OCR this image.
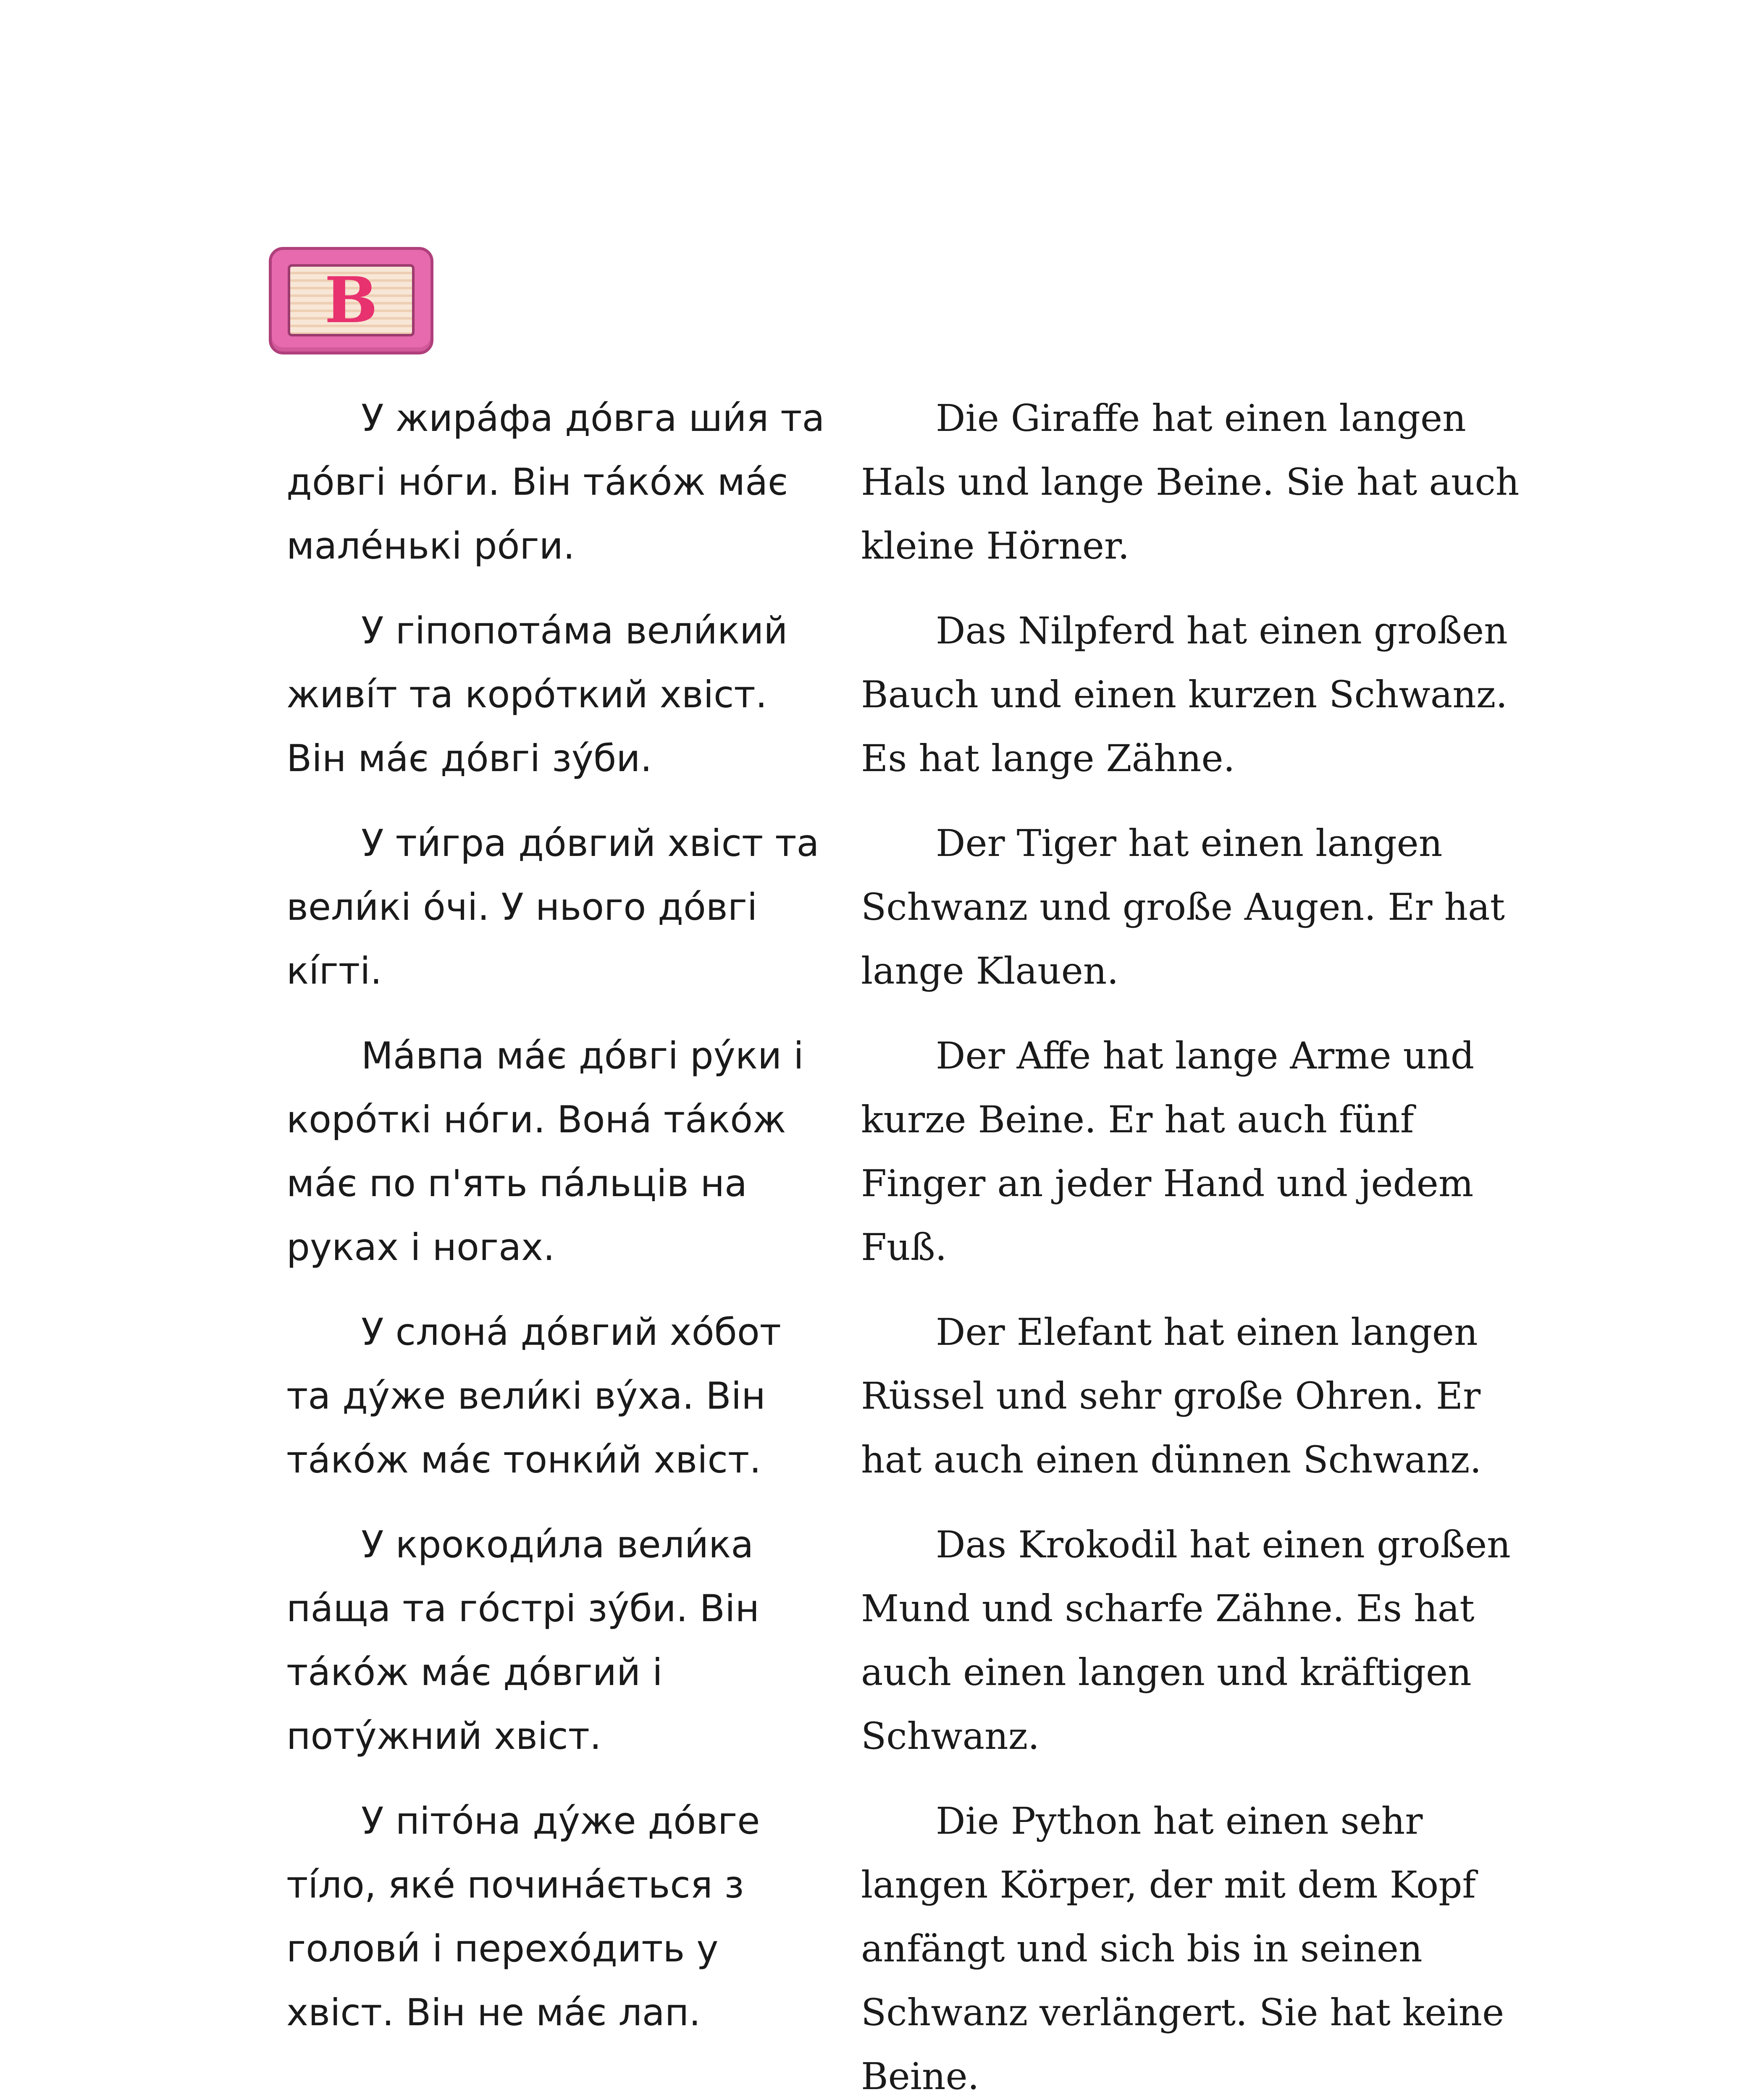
B

У жира́фа до́вга ши́я та до́вгі но́ги. Він та́ко́ж ма́є мале́нькі ро́ги.

У гіпопота́ма вели́кий живі́т та коро́ткий хвіст. Він ма́є до́вгі зу́би.

У ти́гра до́вгий хвіст та вели́кі о́чі. У нього до́вгі кі́гті.

Ма́впа ма́є до́вгі ру́ки і коро́ткі но́ги. Вона́ та́ко́ж ма́є по п'ять па́льців на руках і ногах.

У слона́ до́вгий хо́бот та ду́же вели́кі ву́ха. Він та́ко́ж ма́є тонки́й хвіст.

У крокоди́ла вели́ка па́ща та го́стрі зу́би. Він та́ко́ж ма́є до́вгий і поту́жний хвіст.

У піто́на ду́же до́вге ті́ло, яке́ почина́ється з голови́ і перехо́дить у хвіст. Він не ма́є лап.

Die Giraffe hat einen langen Hals und lange Beine. Sie hat auch kleine Hörner.

Das Nilpferd hat einen großen Bauch und einen kurzen Schwanz. Es hat lange Zähne.

Der Tiger hat einen langen Schwanz und große Augen. Er hat lange Klauen.

Der Affe hat lange Arme und kurze Beine. Er hat auch fünf Finger an jeder Hand und jedem Fuß.

Der Elefant hat einen langen Rüssel und sehr große Ohren. Er hat auch einen dünnen Schwanz.

Das Krokodil hat einen großen Mund und scharfe Zähne. Es hat auch einen langen und kräftigen Schwanz.

Die Python hat einen sehr langen Körper, der mit dem Kopf anfängt und sich bis in seinen Schwanz verlängert. Sie hat keine Beine.
